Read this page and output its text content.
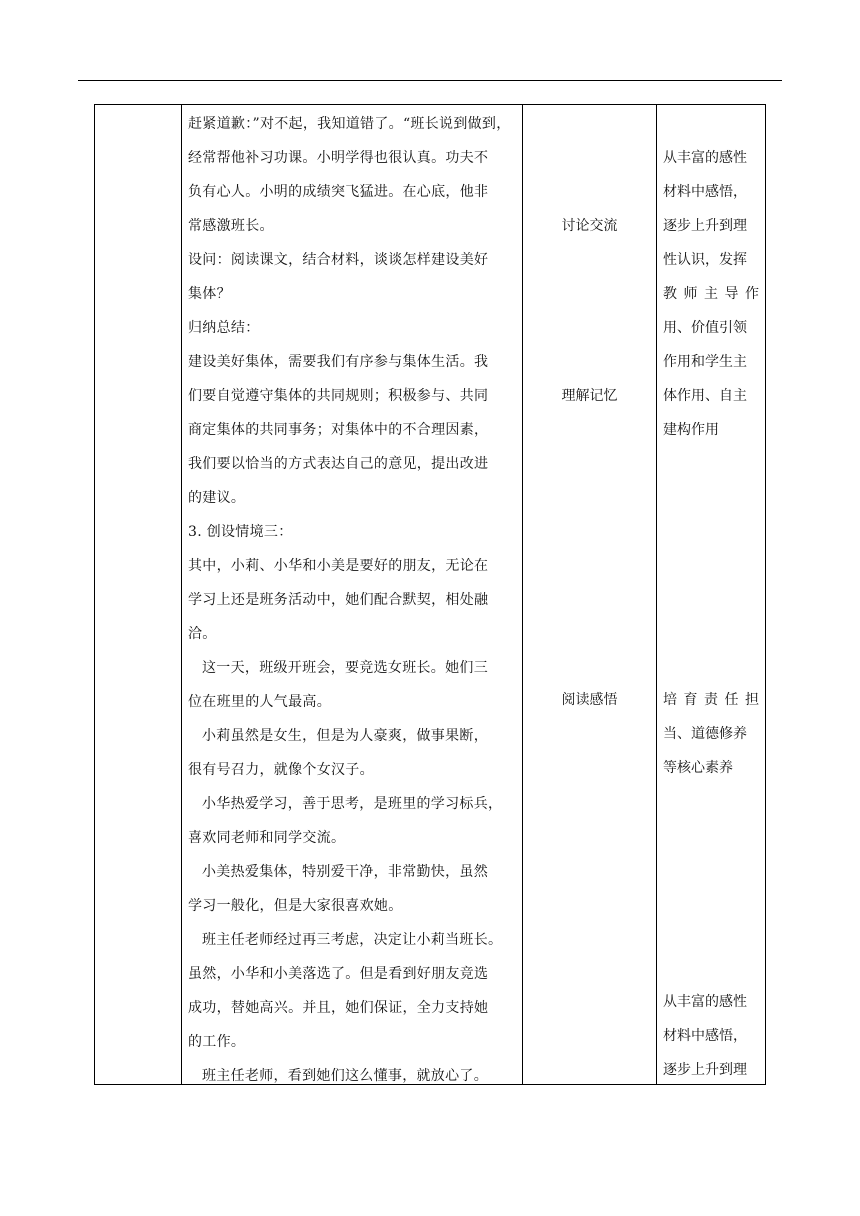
赶紧道歉：”对不起，我知道错了。“班长说到做到，
经常帮他补习功课。小明学得也很认真。功夫不
负有心人。小明的成绩突飞猛进。在心底，他非
常感激班长。
设问：阅读课文，结合材料，谈谈怎样建设美好
集体？
归纳总结：
建设美好集体，需要我们有序参与集体生活。我
们要自觉遵守集体的共同规则；积极参与、共同
商定集体的共同事务；对集体中的不合理因素，
我们要以恰当的方式表达自己的意见，提出改进
的建议。
3. 创设情境三：
其中，小莉、小华和小美是要好的朋友，无论在
学习上还是班务活动中，她们配合默契，相处融
洽。
这一天，班级开班会，要竞选女班长。她们三
位在班里的人气最高。
小莉虽然是女生，但是为人豪爽，做事果断，
很有号召力，就像个女汉子。
小华热爱学习，善于思考，是班里的学习标兵，
喜欢同老师和同学交流。
小美热爱集体，特别爱干净，非常勤快，虽然
学习一般化，但是大家很喜欢她。
班主任老师经过再三考虑，决定让小莉当班长。
虽然，小华和小美落选了。但是看到好朋友竞选
成功，替她高兴。并且，她们保证，全力支持她
的工作。
班主任老师，看到她们这么懂事，就放心了。
讨论交流
理解记忆
阅读感悟
从丰富的感性
材料中感悟，
逐步上升到理
性认识，发挥
教师主导作
用、价值引领
作用和学生主
体作用、自主
建构作用
培育责任担
当、道德修养
等核心素养
从丰富的感性
材料中感悟，
逐步上升到理
